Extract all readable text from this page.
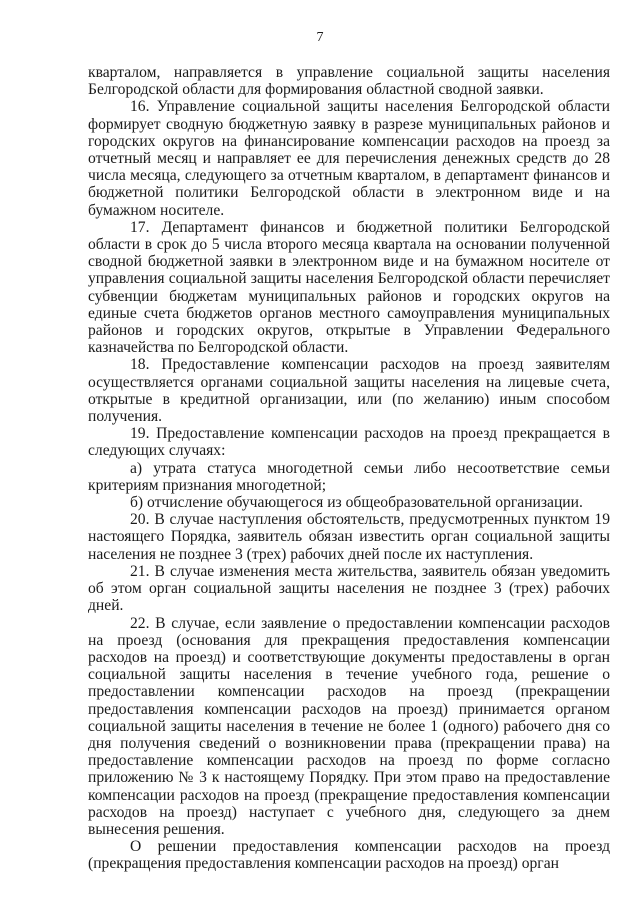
7

кварталом, направляется в управление социальной защиты населения Белгородской области для формирования областной сводной заявки.

16. Управление социальной защиты населения Белгородской области формирует сводную бюджетную заявку в разрезе муниципальных районов и городских округов на финансирование компенсации расходов на проезд за отчетный месяц и направляет ее для перечисления денежных средств до 28 числа месяца, следующего за отчетным кварталом, в департамент финансов и бюджетной политики Белгородской области в электронном виде и на бумажном носителе.

17. Департамент финансов и бюджетной политики Белгородской области в срок до 5 числа второго месяца квартала на основании полученной сводной бюджетной заявки в электронном виде и на бумажном носителе от управления социальной защиты населения Белгородской области перечисляет субвенции бюджетам муниципальных районов и городских округов на единые счета бюджетов органов местного самоуправления муниципальных районов и городских округов, открытые в Управлении Федерального казначейства по Белгородской области.

18. Предоставление компенсации расходов на проезд заявителям осуществляется органами социальной защиты населения на лицевые счета, открытые в кредитной организации, или (по желанию) иным способом получения.

19. Предоставление компенсации расходов на проезд прекращается в следующих случаях:

а) утрата статуса многодетной семьи либо несоответствие семьи критериям признания многодетной;

б) отчисление обучающегося из общеобразовательной организации.

20. В случае наступления обстоятельств, предусмотренных пунктом 19 настоящего Порядка, заявитель обязан известить орган социальной защиты населения не позднее 3 (трех) рабочих дней после их наступления.

21. В случае изменения места жительства, заявитель обязан уведомить об этом орган социальной защиты населения не позднее 3 (трех) рабочих дней.

22. В случае, если заявление о предоставлении компенсации расходов на проезд (основания для прекращения предоставления компенсации расходов на проезд) и соответствующие документы предоставлены в орган социальной защиты населения в течение учебного года, решение о предоставлении компенсации расходов на проезд (прекращении предоставления компенсации расходов на проезд) принимается органом социальной защиты населения в течение не более 1 (одного) рабочего дня со дня получения сведений о возникновении права (прекращении права) на предоставление компенсации расходов на проезд по форме согласно приложению № 3 к настоящему Порядку. При этом право на предоставление компенсации расходов на проезд (прекращение предоставления компенсации расходов на проезд) наступает с учебного дня, следующего за днем вынесения решения.

О решении предоставления компенсации расходов на проезд (прекращения предоставления компенсации расходов на проезд) орган
